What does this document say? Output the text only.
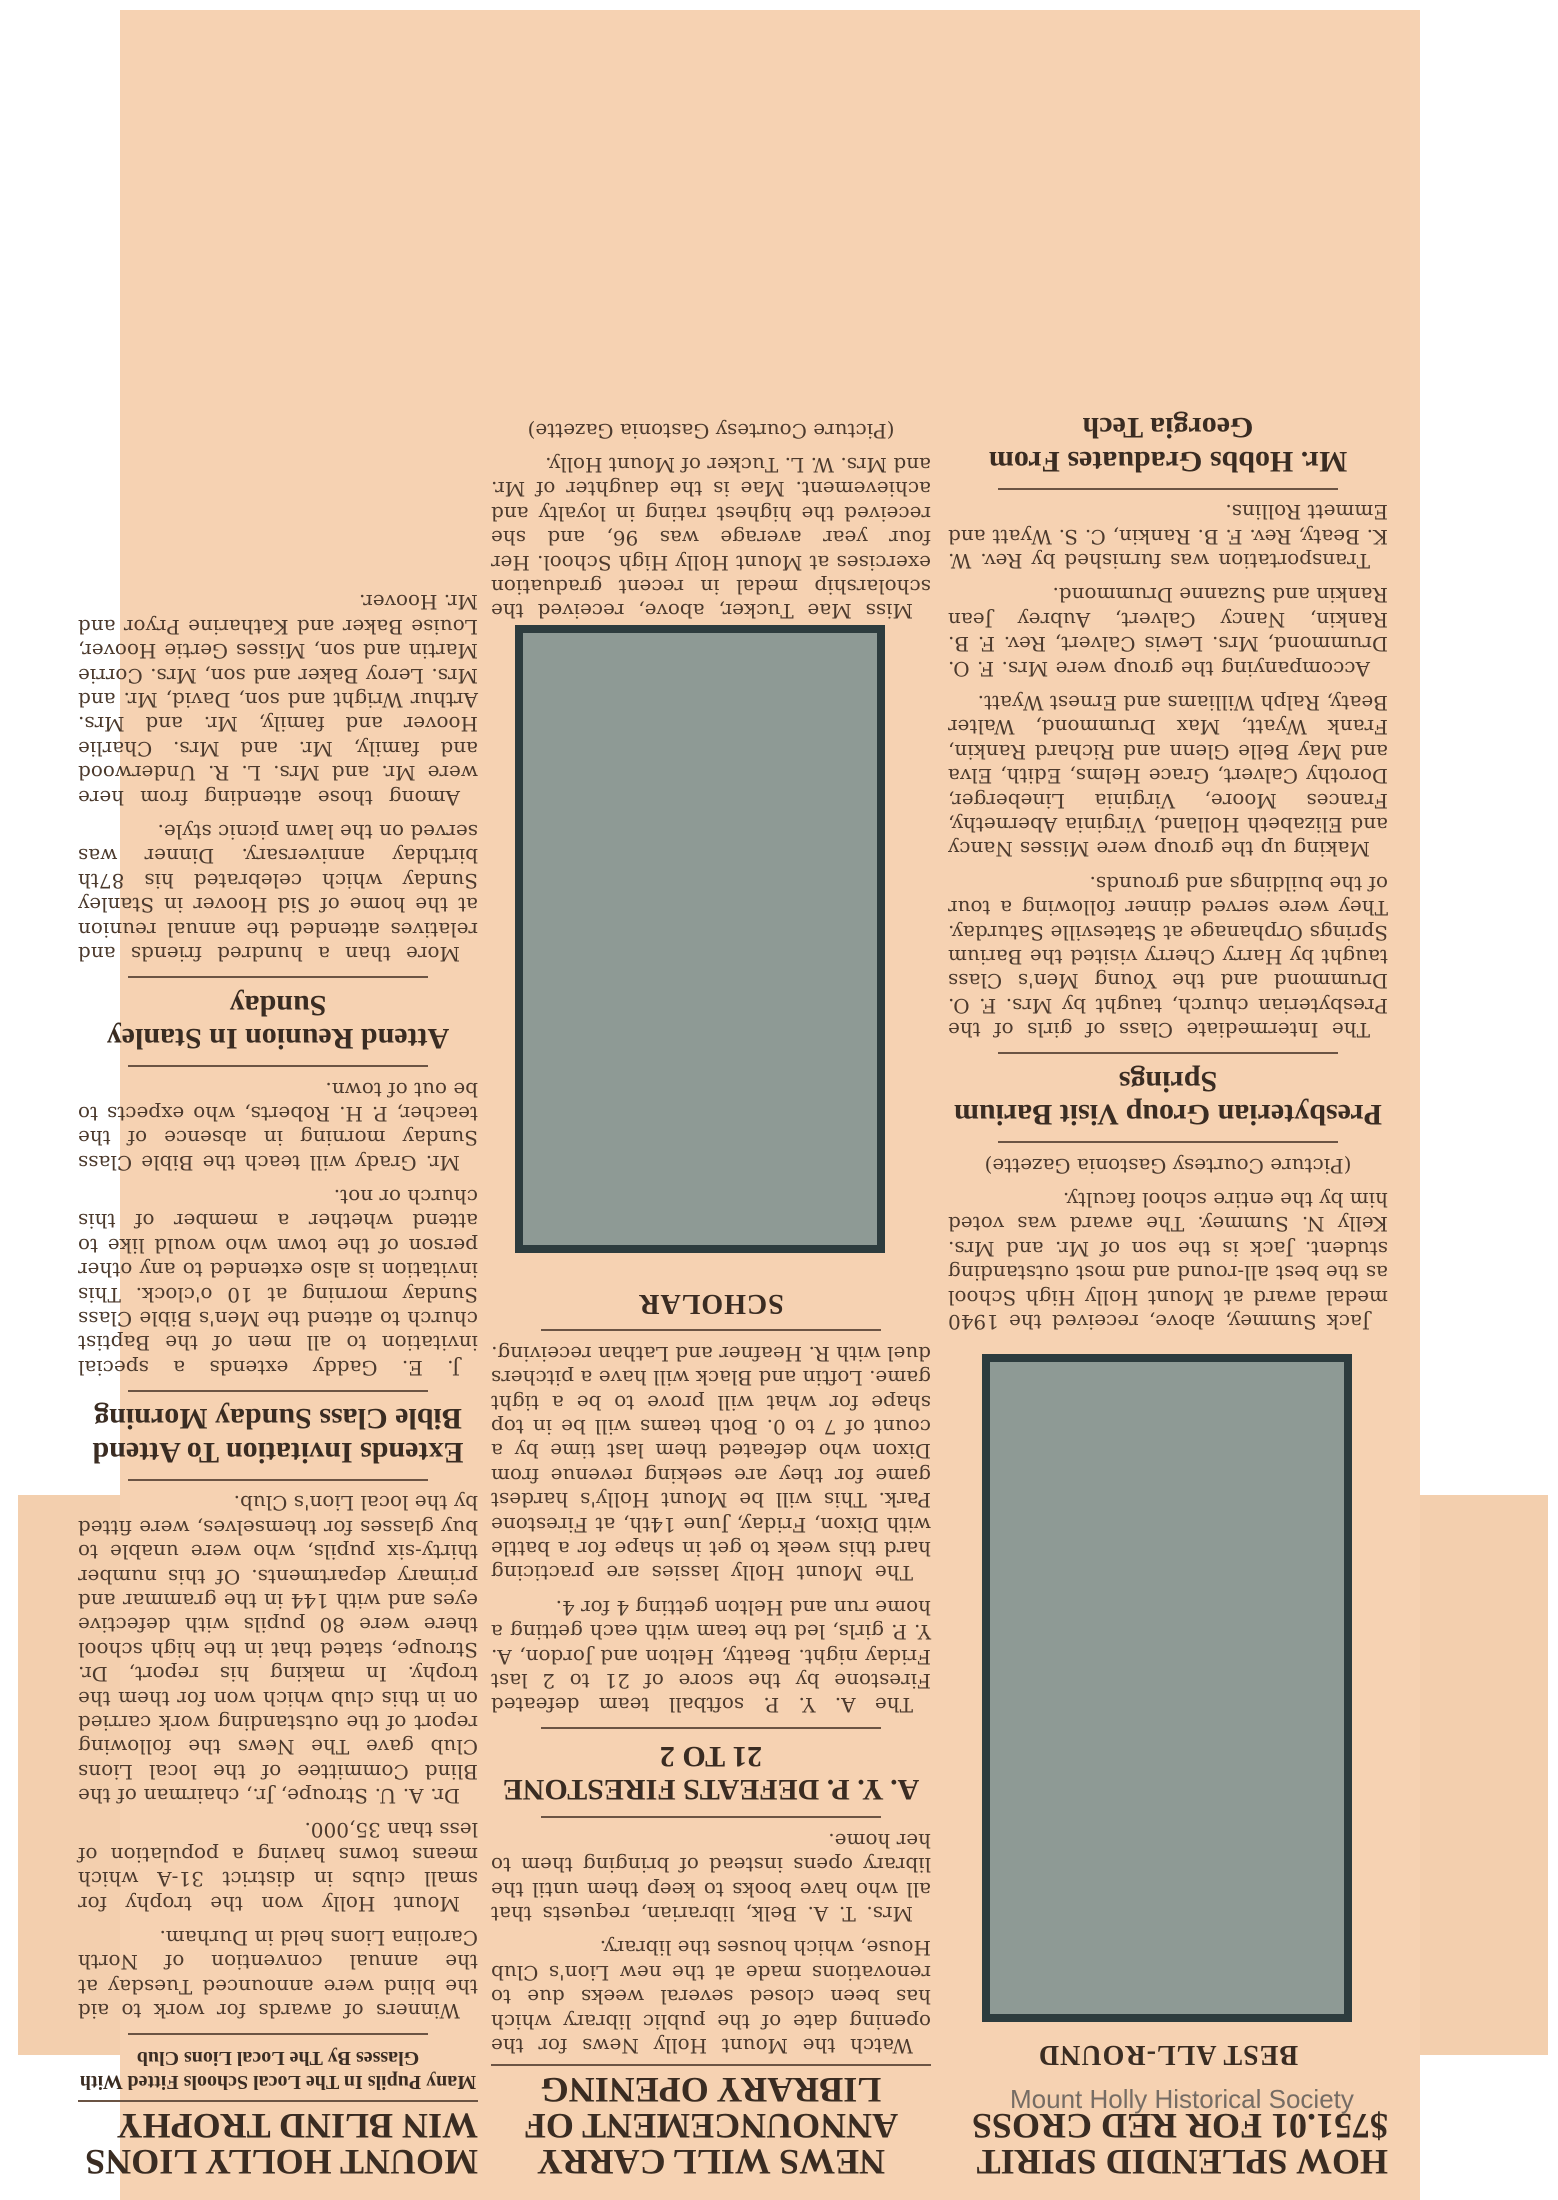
HOW SPLENDID SPIRIT $751.01 FOR RED CROSS
BEST ALL-ROUND

Jack Summey, above, received the 1940 medal award at Mount Holly High School as the best all-round and most outstanding student. Jack is the son of Mr. and Mrs. Kelly N. Summey. The award was voted him by the entire school faculty.

(Picture Courtesy Gastonia Gazette)

Presbyterian Group Visit Barium Springs

The Intermediate Class of girls of the Presbyterian church, taught by Mrs. F. O. Drummond and the Young Men's Class taught by Harry Cherry visited the Barium Springs Orphanage at Statesville Saturday. They were served dinner following a tour of the buildings and grounds.

Making up the group were Misses Nancy and Elizabeth Holland, Virginia Abernethy, Frances Moore, Virginia Lineberger, Dorothy Calvert, Grace Helms, Edith, Elva and May Belle Glenn and Richard Rankin, Frank Wyatt, Max Drummond, Walter Beaty, Ralph Williams and Ernest Wyatt.

Accompanying the group were Mrs. F. O. Drummond, Mrs. Lewis Calvert, Rev. F. B. Rankin, Nancy Calvert, Aubrey Jean Rankin and Suzanne Drummond.

Transportation was furnished by Rev. W. K. Beaty, Rev. F. B. Rankin, C. S. Wyatt and Emmett Rollins.

Mr. Hobbs Graduates From Georgia Tech
NEWS WILL CARRY ANNOUNCEMENT OF LIBRARY OPENING

Watch the Mount Holly News for the opening date of the public library which has been closed several weeks due to renovations made at the new Lion's Club House, which houses the library.

Mrs. T. A. Belk, librarian, requests that all who have books to keep them until the library opens instead of bringing them to her home.

A. Y. P. DEFEATS FIRESTONE 21 TO 2

The A. Y. P. softball team defeated Firestone by the score of 21 to 2 last Friday night. Beatty, Helton and Jordon, A. Y. P. girls, led the team with each getting a home run and Helton getting 4 for 4.

The Mount Holly lassies are practicing hard this week to get in shape for a battle with Dixon, Friday, June 14th, at Firestone Park. This will be Mount Holly's hardest game for they are seeking revenue from Dixon who defeated them last time by a count of 7 to 0. Both teams will be in top shape for what will prove to be a tight game. Loftin and Black will have a pitchers duel with R. Heafner and Lathan receiving.

SCHOLAR

Miss Mae Tucker, above, received the scholarship medal in recent graduation exercises at Mount Holly High School. Her four year average was 96, and she received the highest rating in loyalty and achievement. Mae is the daughter of Mr. and Mrs. W. L. Tucker of Mount Holly.

(Picture Courtesy Gastonia Gazette)

MOUNT HOLLY LIONS WIN BLIND TROPHY
Many Pupils In The Local Schools Fitted With Glasses By The Local Lions Club

Winners of awards for work to aid the blind were announced Tuesday at the annual convention of North Carolina Lions held in Durham.

Mount Holly won the trophy for small clubs in district 31-A which means towns having a population of less than 35,000.

Dr. A. U. Stroupe, Jr., chairman of the Blind Committee of the local Lions Club gave The News the following report of the outstanding work carried on in this club which won for them the trophy. In making his report, Dr. Stroupe, stated that in the high school there were 80 pupils with defective eyes and with 144 in the grammar and primary departments. Of this number thirty-six pupils, who were unable to buy glasses for themselves, were fitted by the local Lion's Club.

Extends Invitation To Attend Bible Class Sunday Morning

J. E. Gaddy extends a special invitation to all men of the Baptist church to attend the Men's Bible Class Sunday morning at 10 o'clock. This invitation is also extended to any other person of the town who would like to attend whether a member of this church or not.

Mr. Grady will teach the Bible Class Sunday morning in absence of the teacher, P. H. Roberts, who expects to be out of town.

Attend Reunion In Stanley Sunday

More than a hundred friends and relatives attended the annual reunion at the home of Sid Hoover in Stanley Sunday which celebrated his 87th birthday anniversary. Dinner was served on the lawn picnic style.

Among those attending from here were Mr. and Mrs. L. R. Underwood and family, Mr. and Mrs. Charlie Hoover and family, Mr. and Mrs. Arthur Wright and son, David, Mr. and Mrs. Leroy Baker and son, Mrs. Corrie Martin and son, Misses Gertie Hoover, Louise Baker and Katharine Pryor and Mr. Hoover.

Mount Holly Historical Society
